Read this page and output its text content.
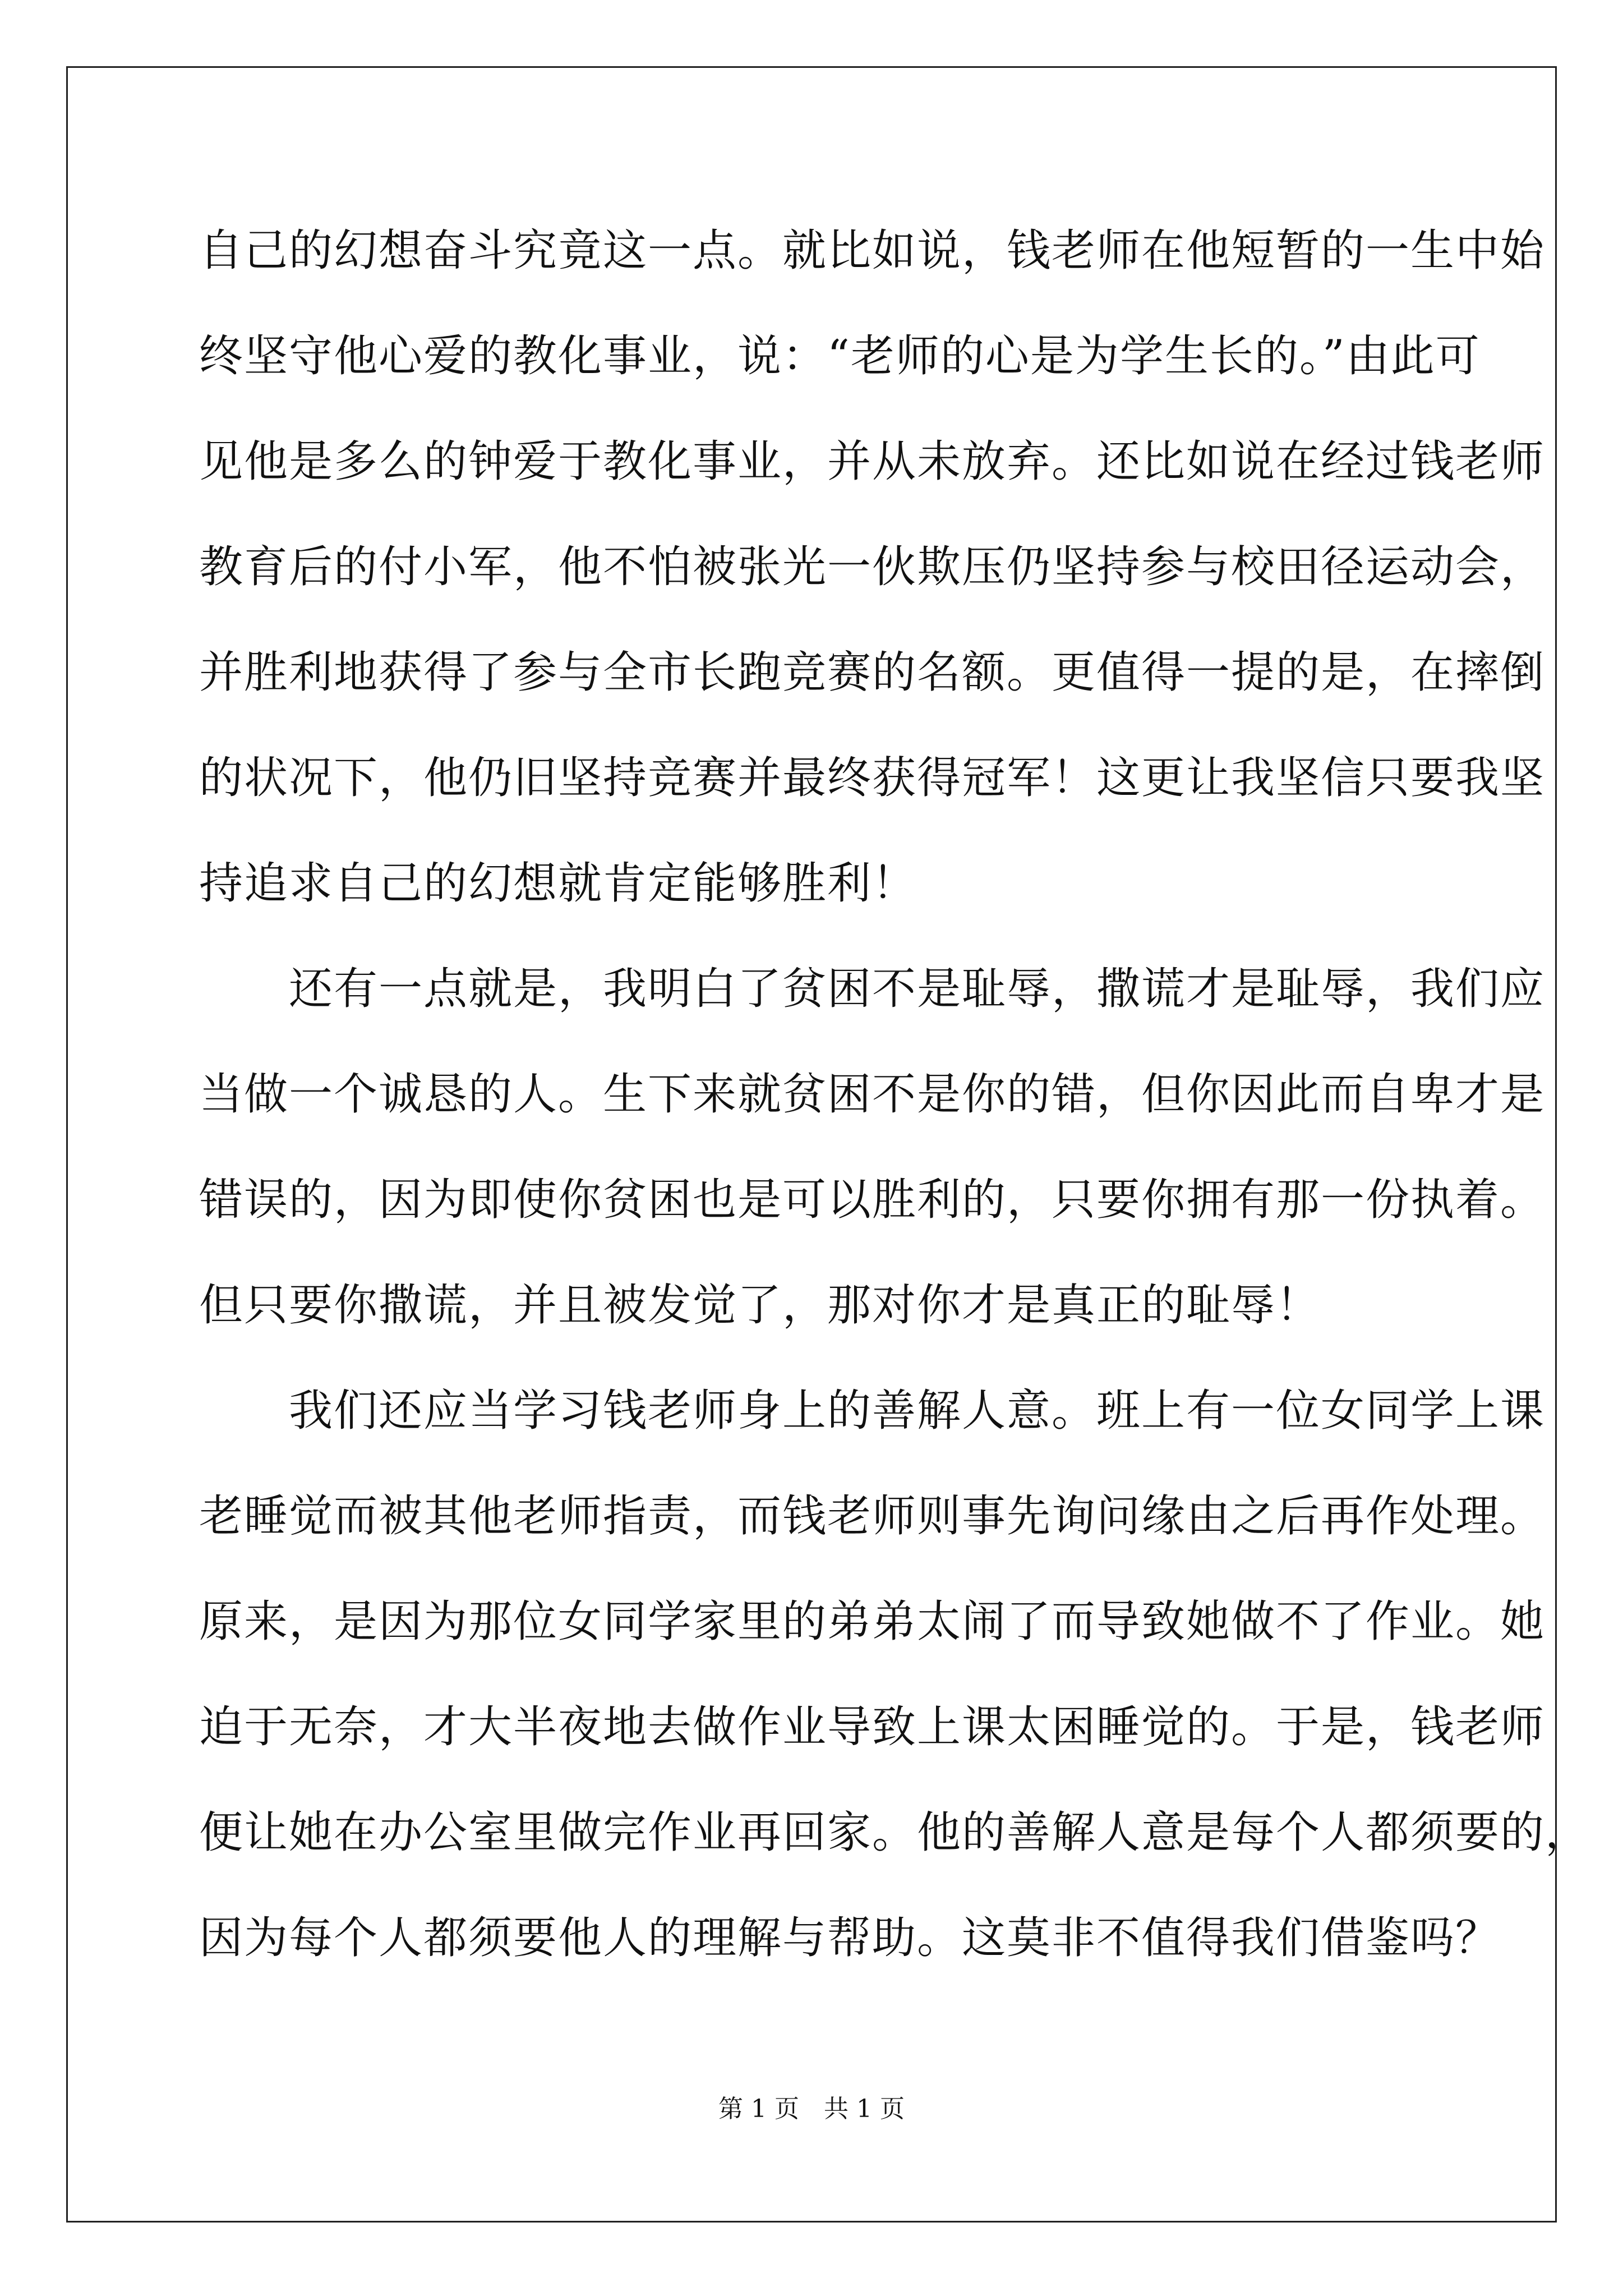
自己的幻想奋斗究竟这一点。就比如说，钱老师在他短暂的一生中始
终坚守他心爱的教化事业，说：“老师的心是为学生长的。”由此可
见他是多么的钟爱于教化事业，并从未放弃。还比如说在经过钱老师
教育后的付小军，他不怕被张光一伙欺压仍坚持参与校田径运动会，
并胜利地获得了参与全市长跑竞赛的名额。更值得一提的是，在摔倒
的状况下，他仍旧坚持竞赛并最终获得冠军！这更让我坚信只要我坚
持追求自己的幻想就肯定能够胜利！
　　还有一点就是，我明白了贫困不是耻辱，撒谎才是耻辱，我们应
当做一个诚恳的人。生下来就贫困不是你的错，但你因此而自卑才是
错误的，因为即使你贫困也是可以胜利的，只要你拥有那一份执着。
但只要你撒谎，并且被发觉了，那对你才是真正的耻辱！
　　我们还应当学习钱老师身上的善解人意。班上有一位女同学上课
老睡觉而被其他老师指责，而钱老师则事先询问缘由之后再作处理。
原来，是因为那位女同学家里的弟弟太闹了而导致她做不了作业。她
迫于无奈，才大半夜地去做作业导致上课太困睡觉的。于是，钱老师
便让她在办公室里做完作业再回家。他的善解人意是每个人都须要的，
因为每个人都须要他人的理解与帮助。这莫非不值得我们借鉴吗？
第 1 页　共 1 页
